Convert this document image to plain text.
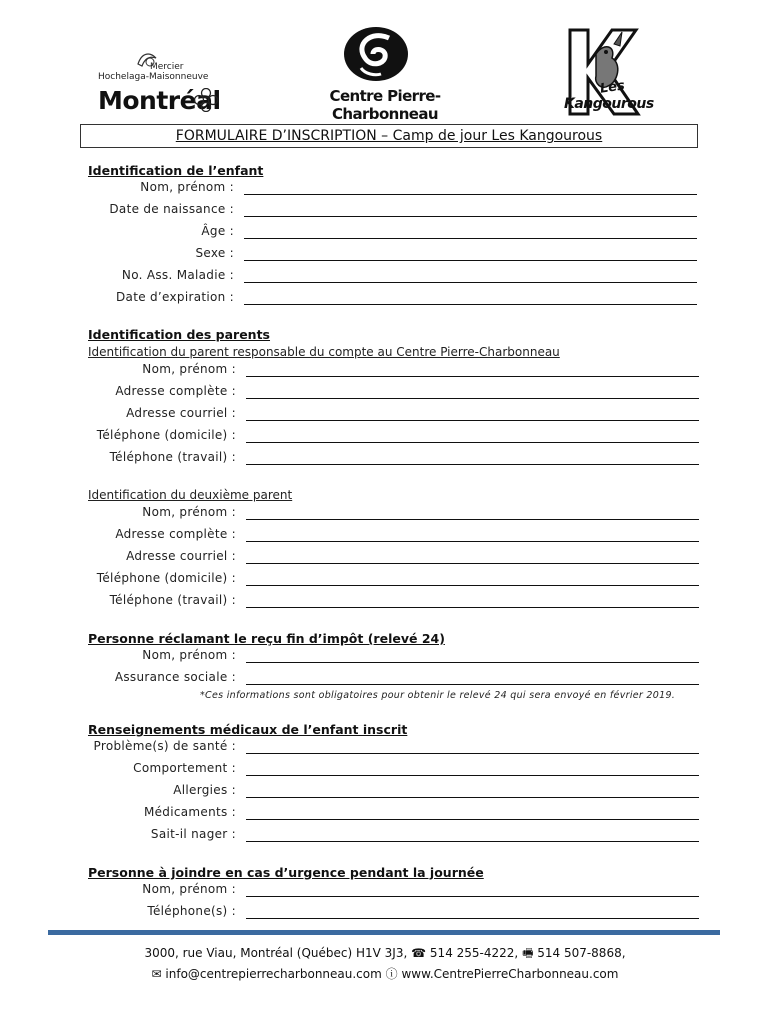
Mercier
Hochelaga-Maisonneuve
Montréal	Centre Pierre-Charbonneau
Les
Kangourous
FORMULAIRE D’INSCRIPTION – Camp de jour Les Kangourous
Identification de l’enfant
Nom, prénom :
Date de naissance :
Âge :
Sexe :
No. Ass. Maladie :
Date d’expiration :
Identification des parents
Identification du parent responsable du compte au Centre Pierre-Charbonneau
Nom, prénom :
Adresse complète :
Adresse courriel :
Téléphone (domicile) :
Téléphone (travail) :
Identification du deuxième parent
Nom, prénom :
Adresse complète :
Adresse courriel :
Téléphone (domicile) :
Téléphone (travail) :
Personne réclamant le reçu fin d’impôt (relevé 24)
Nom, prénom :
Assurance sociale :
*Ces informations sont obligatoires pour obtenir le relevé 24 qui sera envoyé en février 2019.
Renseignements médicaux de l’enfant inscrit
Problème(s) de santé :
Comportement :
Allergies :
Médicaments :
Sait-il nager :
Personne à joindre en cas d’urgence pendant la journée
Nom, prénom :
Téléphone(s) :
3000, rue Viau, Montréal (Québec) H1V 3J3, ☎ 514 255-4222, 🖷 514 507-8868,
✉ info@centrepierrecharbonneau.com ⓘ www.CentrePierreCharbonneau.com
